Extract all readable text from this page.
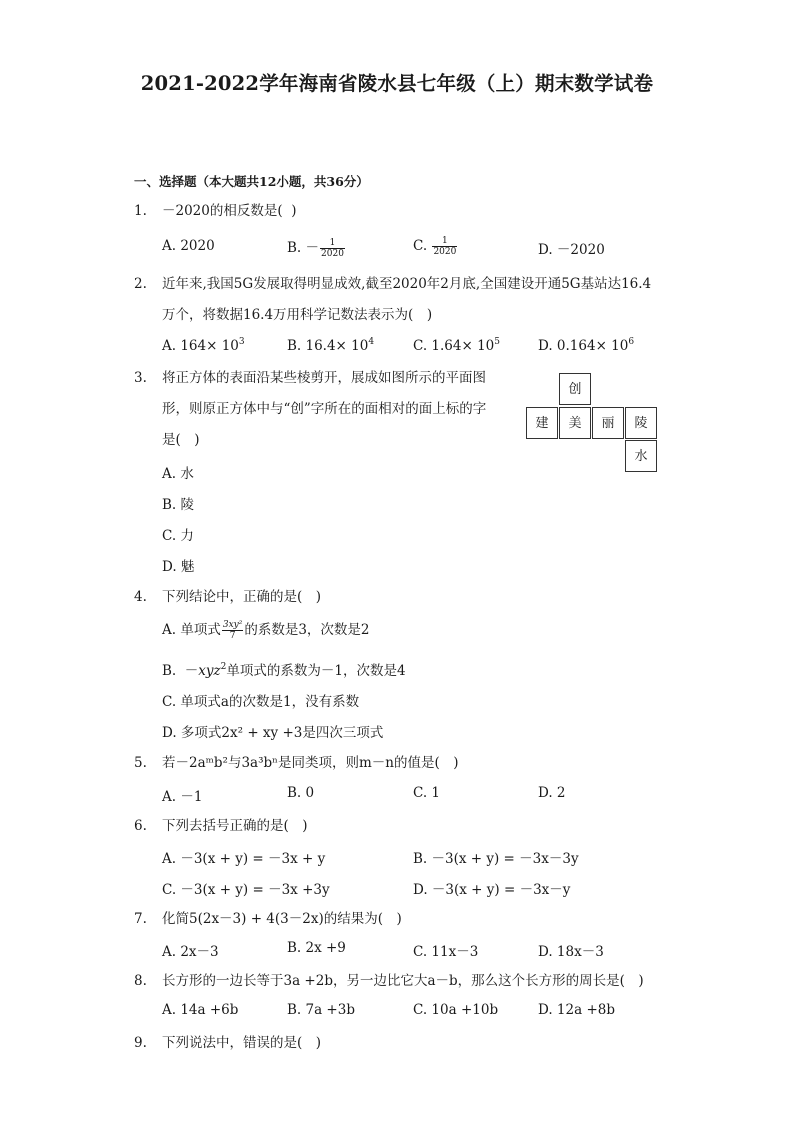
2021-2022学年海南省陵水县七年级（上）期末数学试卷
一、选择题（本大题共12小题，共36分）
1. －2020的相反数是( )
A. 2020	B. － $\frac{1}{2020}$	C. $\frac{1}{2020}$	D. －2020
2. 近年来,我国5G发展取得明显成效,截至2020年2月底,全国建设开通5G基站达16.4
万个，将数据16.4万用科学记数法表示为(　)
A. $164\times 10^3$	B. $16.4\times 10^4$	C. $1.64\times 10^5$	D. $0.164\times 10^6$
3. 将正方体的表面沿某些棱剪开，展成如图所示的平面图
形，则原正方体中与“创”字所在的面相对的面上标的字
是(　)
A. 水
B. 陵
C. 力
D. 魅
创
建	美	丽	陵
水
4. 下列结论中，正确的是(　)
A. 单项式 $\frac{\text{3xy²}}{7}$ 的系数是3，次数是2
B.  －xyz$^2$单项式的系数为－1，次数是4
C. 单项式a的次数是1，没有系数
D. 多项式2x² + xy +3是四次三项式
5. 若－2aᵐb²与3a³bⁿ是同类项，则m－n的值是(　)
A. －1	B. 0	C. 1	D. 2
6. 下列去括号正确的是(　)
A. －3(x + y) = －3x + y	B. －3(x + y) = －3x－3y
C. －3(x + y) = －3x +3y	D. －3(x + y) = －3x－y
7. 化简5(2x－3) + 4(3－2x)的结果为(　)
A. 2x－3	B. 2x +9	C. 11x－3	D. 18x－3
8. 长方形的一边长等于3a +2b，另一边比它大a－b，那么这个长方形的周长是(　)
A. 14a +6b	B. 7a +3b	C. 10a +10b	D. 12a +8b
9. 下列说法中，错误的是(　)
